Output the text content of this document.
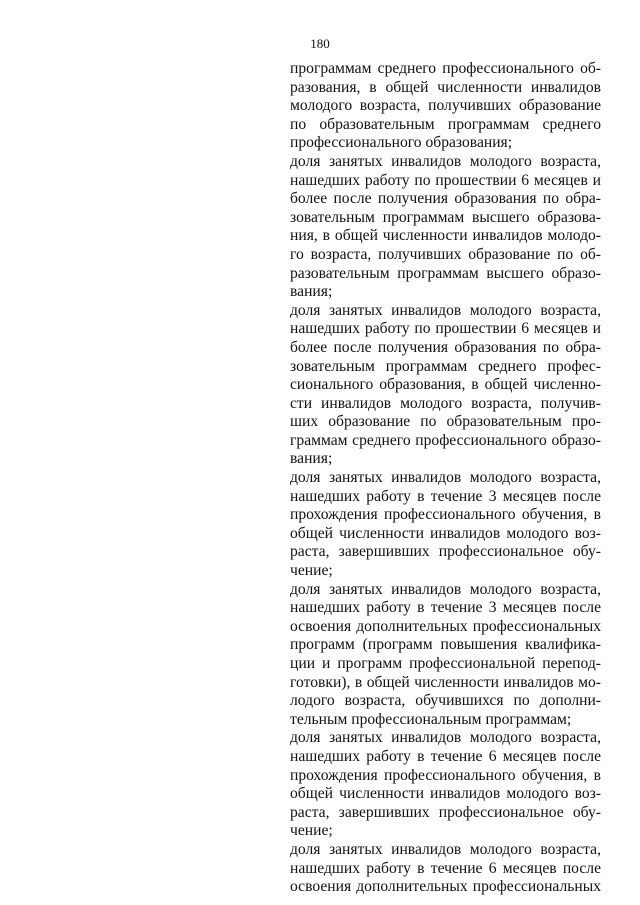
180
программам среднего профессионального об-
разования, в общей численности инвалидов
молодого возраста, получивших образование
по образовательным программам среднего
профессионального образования;
доля занятых инвалидов молодого возраста,
нашедших работу по прошествии 6 месяцев и
более после получения образования по обра-
зовательным программам высшего образова-
ния, в общей численности инвалидов молодо-
го возраста, получивших образование по об-
разовательным программам высшего образо-
вания;
доля занятых инвалидов молодого возраста,
нашедших работу по прошествии 6 месяцев и
более после получения образования по обра-
зовательным программам среднего профес-
сионального образования, в общей численно-
сти инвалидов молодого возраста, получив-
ших образование по образовательным про-
граммам среднего профессионального образо-
вания;
доля занятых инвалидов молодого возраста,
нашедших работу в течение 3 месяцев после
прохождения профессионального обучения, в
общей численности инвалидов молодого воз-
раста, завершивших профессиональное обу-
чение;
доля занятых инвалидов молодого возраста,
нашедших работу в течение 3 месяцев после
освоения дополнительных профессиональных
программ (программ повышения квалифика-
ции и программ профессиональной перепод-
готовки), в общей численности инвалидов мо-
лодого возраста, обучившихся по дополни-
тельным профессиональным программам;
доля занятых инвалидов молодого возраста,
нашедших работу в течение 6 месяцев после
прохождения профессионального обучения, в
общей численности инвалидов молодого воз-
раста, завершивших профессиональное обу-
чение;
доля занятых инвалидов молодого возраста,
нашедших работу в течение 6 месяцев после
освоения дополнительных профессиональных
